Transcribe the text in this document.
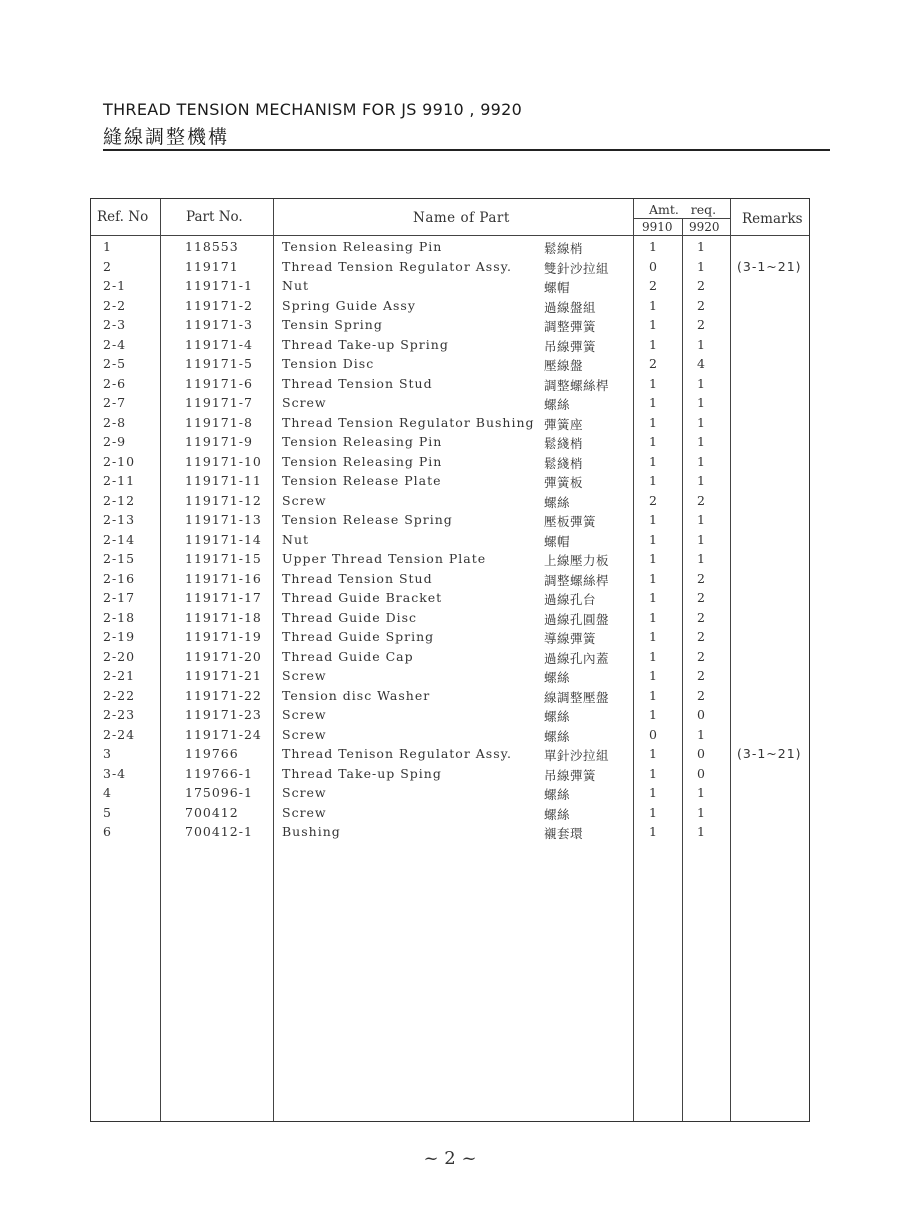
THREAD TENSION MECHANISM FOR JS 9910 , 9920
縫線調整機構
Ref. No	Part No.	Name of Part
Amt.   req.
9910 9920 Remarks
1	118553	Tension Releasing Pin	鬆線梢	1	1
2	119171	Thread Tension Regulator Assy.	雙針沙拉組	0	1 (3-1~21)
2-1	119171-1 Nut	螺帽	2	2
2-2	119171-2 Spring Guide Assy	過線盤組	1	2
2-3	119171-3 Tensin Spring	調整彈簧	1	2
2-4	119171-4 Thread Take-up Spring	吊線彈簧	1	1
2-5	119171-5 Tension Disc	壓線盤	2	4
2-6	119171-6 Thread Tension Stud	調整螺絲桿	1	1
2-7	119171-7 Screw	螺絲	1	1
2-8	119171-8 Thread Tension Regulator Bushing 彈簧座	1	1
2-9	119171-9 Tension Releasing Pin	鬆綫梢	1	1
2-10	119171-10 Tension Releasing Pin	鬆綫梢	1	1
2-11	119171-11 Tension Release Plate	彈簧板	1	1
2-12	119171-12 Screw	螺絲	2	2
2-13	119171-13 Tension Release Spring	壓板彈簧	1	1
2-14	119171-14 Nut	螺帽	1	1
2-15	119171-15 Upper Thread Tension Plate	上線壓力板	1	1
2-16	119171-16 Thread Tension Stud	調整螺絲桿	1	2
2-17	119171-17 Thread Guide Bracket	過線孔台	1	2
2-18	119171-18 Thread Guide Disc	過線孔圓盤	1	2
2-19	119171-19 Thread Guide Spring	導線彈簧	1	2
2-20	119171-20 Thread Guide Cap	過線孔內蓋	1	2
2-21	119171-21 Screw	螺絲	1	2
2-22	119171-22 Tension disc Washer	線調整壓盤	1	2
2-23	119171-23 Screw	螺絲	1	0
2-24	119171-24 Screw	螺絲	0	1
3	119766	Thread Tenison Regulator Assy.	單針沙拉組	1	0 (3-1~21)
3-4	119766-1 Thread Take-up Sping	吊線彈簧	1	0
4	175096-1 Screw	螺絲	1	1
5	700412	Screw	螺絲	1	1
6	700412-1 Bushing	襯套環	1	1
~ 2 ~
